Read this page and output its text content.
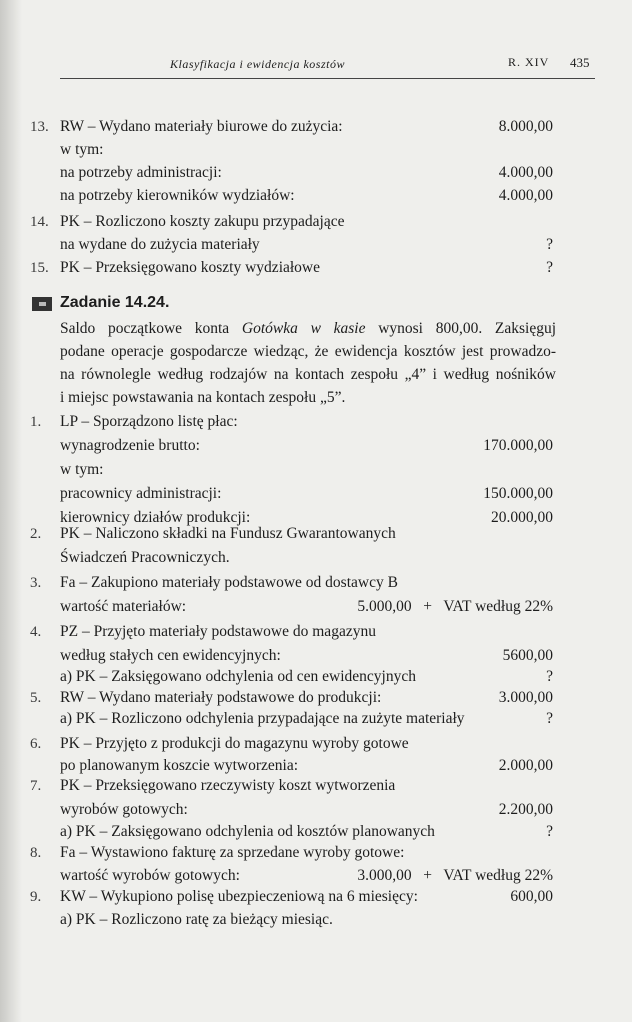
Klasyfikacja i ewidencja kosztów	R. XIV 435
13. RW – Wydano materiały biurowe do zużycia:	8.000,00
w tym:
na potrzeby administracji:	4.000,00
na potrzeby kierowników wydziałów:	4.000,00
14. PK – Rozliczono koszty zakupu przypadające
na wydane do zużycia materiały	?
15. PK – Przeksięgowano koszty wydziałowe	?
Zadanie 14.24.
Saldo początkowe konta Gotówka w kasie wynosi 800,00. Zaksięguj
podane operacje gospodarcze wiedząc, że ewidencja kosztów jest prowadzo-
na równolegle według rodzajów na kontach zespołu „4” i według nośników
i miejsc powstawania na kontach zespołu „5”.
1. LP – Sporządzono listę płac:
wynagrodzenie brutto:	170.000,00
w tym:
pracownicy administracji:	150.000,00
kierownicy działów produkcji:	20.000,00
2. PK – Naliczono składki na Fundusz Gwarantowanych
Świadczeń Pracowniczych.
3. Fa – Zakupiono materiały podstawowe od dostawcy B
wartość materiałów:	5.000,00   +   VAT według 22%
4. PZ – Przyjęto materiały podstawowe do magazynu
według stałych cen ewidencyjnych:	5600,00
a) PK – Zaksięgowano odchylenia od cen ewidencyjnych	?
5. RW – Wydano materiały podstawowe do produkcji:	3.000,00
a) PK – Rozliczono odchylenia przypadające na zużyte materiały	?
6. PK – Przyjęto z produkcji do magazynu wyroby gotowe
po planowanym koszcie wytworzenia:	2.000,00
7. PK – Przeksięgowano rzeczywisty koszt wytworzenia
wyrobów gotowych:	2.200,00
a) PK – Zaksięgowano odchylenia od kosztów planowanych	?
8. Fa – Wystawiono fakturę za sprzedane wyroby gotowe:
wartość wyrobów gotowych:	3.000,00   +   VAT według 22%
9. KW – Wykupiono polisę ubezpieczeniową na 6 miesięcy:	600,00
a) PK – Rozliczono ratę za bieżący miesiąc.
